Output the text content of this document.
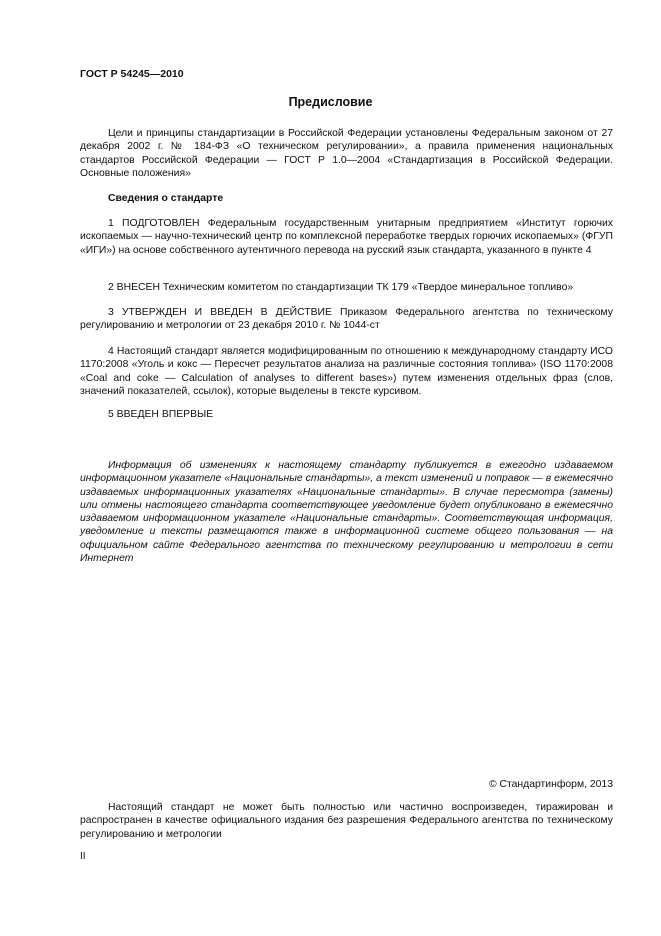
ГОСТ Р 54245—2010
Предисловие

Цели и принципы стандартизации в Российской Федерации установлены Федеральным законом от 27 декабря 2002 г. № 184-ФЗ «О техническом регулировании», а правила применения национальных стандартов Российской Федерации — ГОСТ Р 1.0—2004 «Стандартизация в Российской Федерации. Основные положения»

Сведения о стандарте

1 ПОДГОТОВЛЕН Федеральным государственным унитарным предприятием «Институт горючих ископаемых — научно-технический центр по комплексной переработке твердых горючих ископаемых» (ФГУП «ИГИ») на основе собственного аутентичного перевода на русский язык стандарта, указанного в пункте 4

2 ВНЕСЕН Техническим комитетом по стандартизации ТК 179 «Твердое минеральное топливо»

3 УТВЕРЖДЕН И ВВЕДЕН В ДЕЙСТВИЕ Приказом Федерального агентства по техническому регулированию и метрологии от 23 декабря 2010 г. № 1044-ст

4 Настоящий стандарт является модифицированным по отношению к международному стандарту ИСО 1170:2008 «Уголь и кокс — Пересчет результатов анализа на различные состояния топлива» (ISO 1170:2008 «Coal and coke — Calculation of analyses to different bases») путем изменения отдельных фраз (слов, значений показателей, ссылок), которые выделены в тексте курсивом.

5 ВВЕДЕН ВПЕРВЫЕ

Информация об изменениях к настоящему стандарту публикуется в ежегодно издаваемом информационном указателе «Национальные стандарты», а текст изменений и поправок — в ежемесячно издаваемых информационных указателях «Национальные стандарты». В случае пересмотра (замены) или отмены настоящего стандарта соответствующее уведомление будет опубликовано в ежемесячно издаваемом информационном указателе «Национальные стандарты». Соответствующая информация, уведомление и тексты размещаются также в информационной системе общего пользования — на официальном сайте Федерального агентства по техническому регулированию и метрологии в сети Интернет

© Стандартинформ, 2013

Настоящий стандарт не может быть полностью или частично воспроизведен, тиражирован и распространен в качестве официального издания без разрешения Федерального агентства по техническому регулированию и метрологии

II
